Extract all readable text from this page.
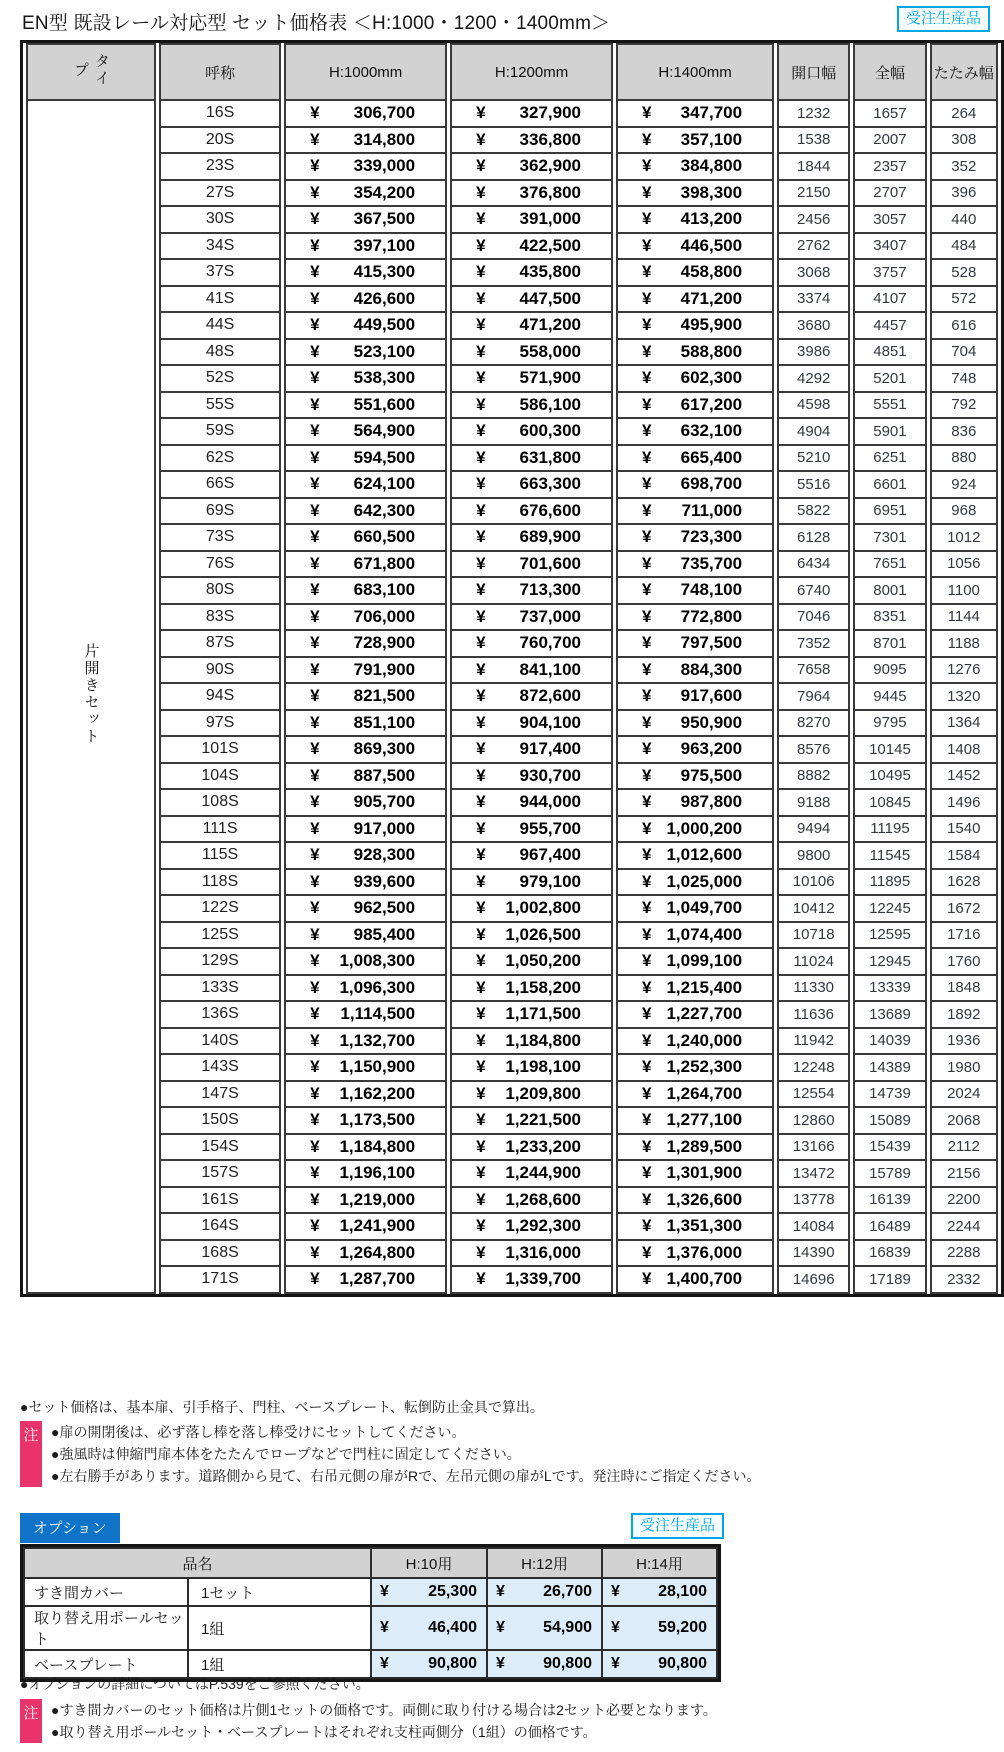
EN型 既設レール対応型 セット価格表 ＜H:1000・1200・1400mm＞	受注生産品
タイプ	呼称	H:1000mm	H:1200mm	H:1400mm	開口幅	全幅	たたみ幅
片開きセット	16S	¥ 306,700	¥ 327,900	¥ 347,700	1232	1657	264
	20S	¥ 314,800	¥ 336,800	¥ 357,100	1538	2007	308
	23S	¥ 339,000	¥ 362,900	¥ 384,800	1844	2357	352
	27S	¥ 354,200	¥ 376,800	¥ 398,300	2150	2707	396
	30S	¥ 367,500	¥ 391,000	¥ 413,200	2456	3057	440
	34S	¥ 397,100	¥ 422,500	¥ 446,500	2762	3407	484
	37S	¥ 415,300	¥ 435,800	¥ 458,800	3068	3757	528
	41S	¥ 426,600	¥ 447,500	¥ 471,200	3374	4107	572
	44S	¥ 449,500	¥ 471,200	¥ 495,900	3680	4457	616
	48S	¥ 523,100	¥ 558,000	¥ 588,800	3986	4851	704
	52S	¥ 538,300	¥ 571,900	¥ 602,300	4292	5201	748
	55S	¥ 551,600	¥ 586,100	¥ 617,200	4598	5551	792
	59S	¥ 564,900	¥ 600,300	¥ 632,100	4904	5901	836
	62S	¥ 594,500	¥ 631,800	¥ 665,400	5210	6251	880
	66S	¥ 624,100	¥ 663,300	¥ 698,700	5516	6601	924
	69S	¥ 642,300	¥ 676,600	¥ 711,000	5822	6951	968
	73S	¥ 660,500	¥ 689,900	¥ 723,300	6128	7301	1012
	76S	¥ 671,800	¥ 701,600	¥ 735,700	6434	7651	1056
	80S	¥ 683,100	¥ 713,300	¥ 748,100	6740	8001	1100
	83S	¥ 706,000	¥ 737,000	¥ 772,800	7046	8351	1144
	87S	¥ 728,900	¥ 760,700	¥ 797,500	7352	8701	1188
	90S	¥ 791,900	¥ 841,100	¥ 884,300	7658	9095	1276
	94S	¥ 821,500	¥ 872,600	¥ 917,600	7964	9445	1320
	97S	¥ 851,100	¥ 904,100	¥ 950,900	8270	9795	1364
	101S	¥ 869,300	¥ 917,400	¥ 963,200	8576	10145	1408
	104S	¥ 887,500	¥ 930,700	¥ 975,500	8882	10495	1452
	108S	¥ 905,700	¥ 944,000	¥ 987,800	9188	10845	1496
	111S	¥ 917,000	¥ 955,700	¥ 1,000,200	9494	11195	1540
	115S	¥ 928,300	¥ 967,400	¥ 1,012,600	9800	11545	1584
	118S	¥ 939,600	¥ 979,100	¥ 1,025,000	10106	11895	1628
	122S	¥ 962,500	¥ 1,002,800	¥ 1,049,700	10412	12245	1672
	125S	¥ 985,400	¥ 1,026,500	¥ 1,074,400	10718	12595	1716
	129S	¥ 1,008,300	¥ 1,050,200	¥ 1,099,100	11024	12945	1760
	133S	¥ 1,096,300	¥ 1,158,200	¥ 1,215,400	11330	13339	1848
	136S	¥ 1,114,500	¥ 1,171,500	¥ 1,227,700	11636	13689	1892
	140S	¥ 1,132,700	¥ 1,184,800	¥ 1,240,000	11942	14039	1936
	143S	¥ 1,150,900	¥ 1,198,100	¥ 1,252,300	12248	14389	1980
	147S	¥ 1,162,200	¥ 1,209,800	¥ 1,264,700	12554	14739	2024
	150S	¥ 1,173,500	¥ 1,221,500	¥ 1,277,100	12860	15089	2068
	154S	¥ 1,184,800	¥ 1,233,200	¥ 1,289,500	13166	15439	2112
	157S	¥ 1,196,100	¥ 1,244,900	¥ 1,301,900	13472	15789	2156
	161S	¥ 1,219,000	¥ 1,268,600	¥ 1,326,600	13778	16139	2200
	164S	¥ 1,241,900	¥ 1,292,300	¥ 1,351,300	14084	16489	2244
	168S	¥ 1,264,800	¥ 1,316,000	¥ 1,376,000	14390	16839	2288
	171S	¥ 1,287,700	¥ 1,339,700	¥ 1,400,700	14696	17189	2332
●セット価格は、基本扉、引手格子、門柱、ベースプレート、転倒防止金具で算出。
注 ●扉の開閉後は、必ず落し棒を落し棒受けにセットしてください。
●強風時は伸縮門扉本体をたたんでロープなどで門柱に固定してください。
●左右勝手があります。道路側から見て、右吊元側の扉がRで、左吊元側の扉がLです。発注時にご指定ください。
オプション	受注生産品
品名		H:10用	H:12用	H:14用
すき間カバー	1セット	¥ 25,300	¥ 26,700	¥ 28,100
取り替え用ポールセット	1組	¥ 46,400	¥ 54,900	¥ 59,200
ベースプレート	1組	¥ 90,800	¥ 90,800	¥ 90,800
●オプションの詳細についてはP.539をご参照ください。
注 ●すき間カバーのセット価格は片側1セットの価格です。両側に取り付ける場合は2セット必要となります。
●取り替え用ポールセット・ベースプレートはそれぞれ支柱両側分（1組）の価格です。
